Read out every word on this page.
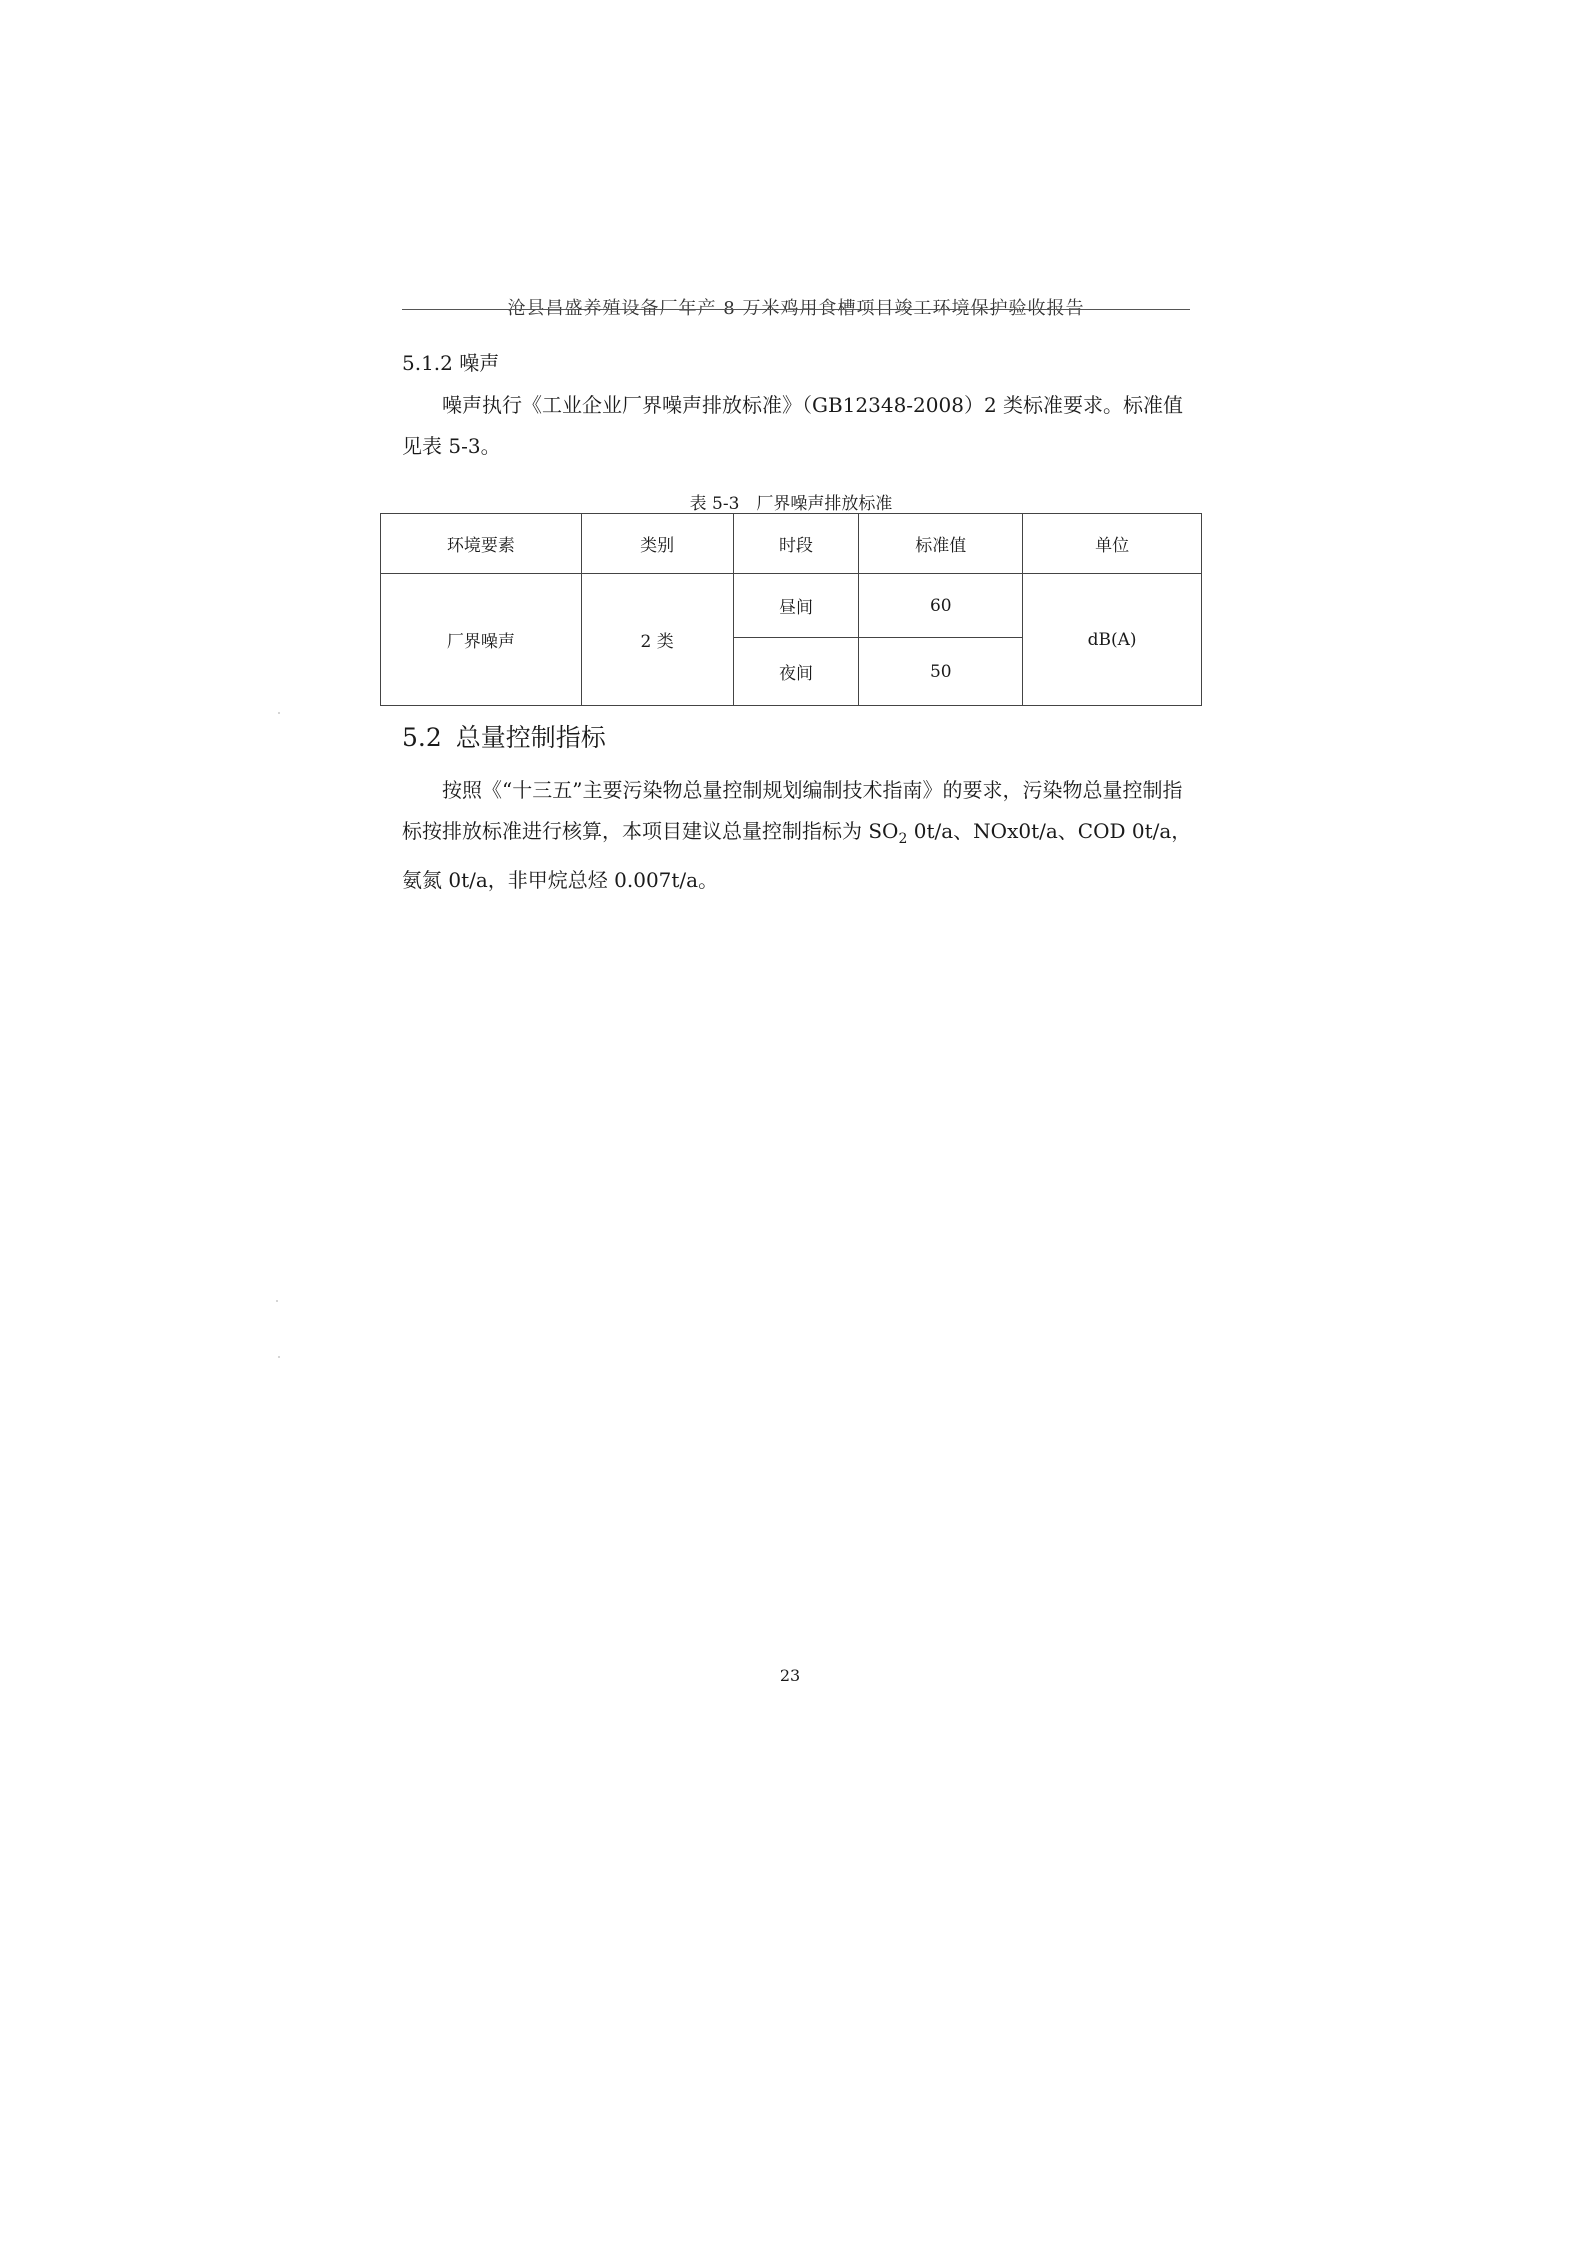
沧县昌盛养殖设备厂年产 8 万米鸡用食槽项目竣工环境保护验收报告
5.1.2 噪声

噪声执行《工业企业厂界噪声排放标准》（GB12348-2008）2 类标准要求。标准值见表 5-3。

表 5-3　厂界噪声排放标准
环境要素	类别	时段	标准值	单位
厂界噪声	2 类	昼间	60	dB(A)
		夜间	50	
5.2 总量控制指标

按照《“十三五”主要污染物总量控制规划编制技术指南》的要求，污染物总量控制指标按排放标准进行核算，本项目建议总量控制指标为 $SO_2$ 0t/a、NOx0t/a、COD 0t/a，氨氮 0t/a，非甲烷总烃 0.007t/a。

23
